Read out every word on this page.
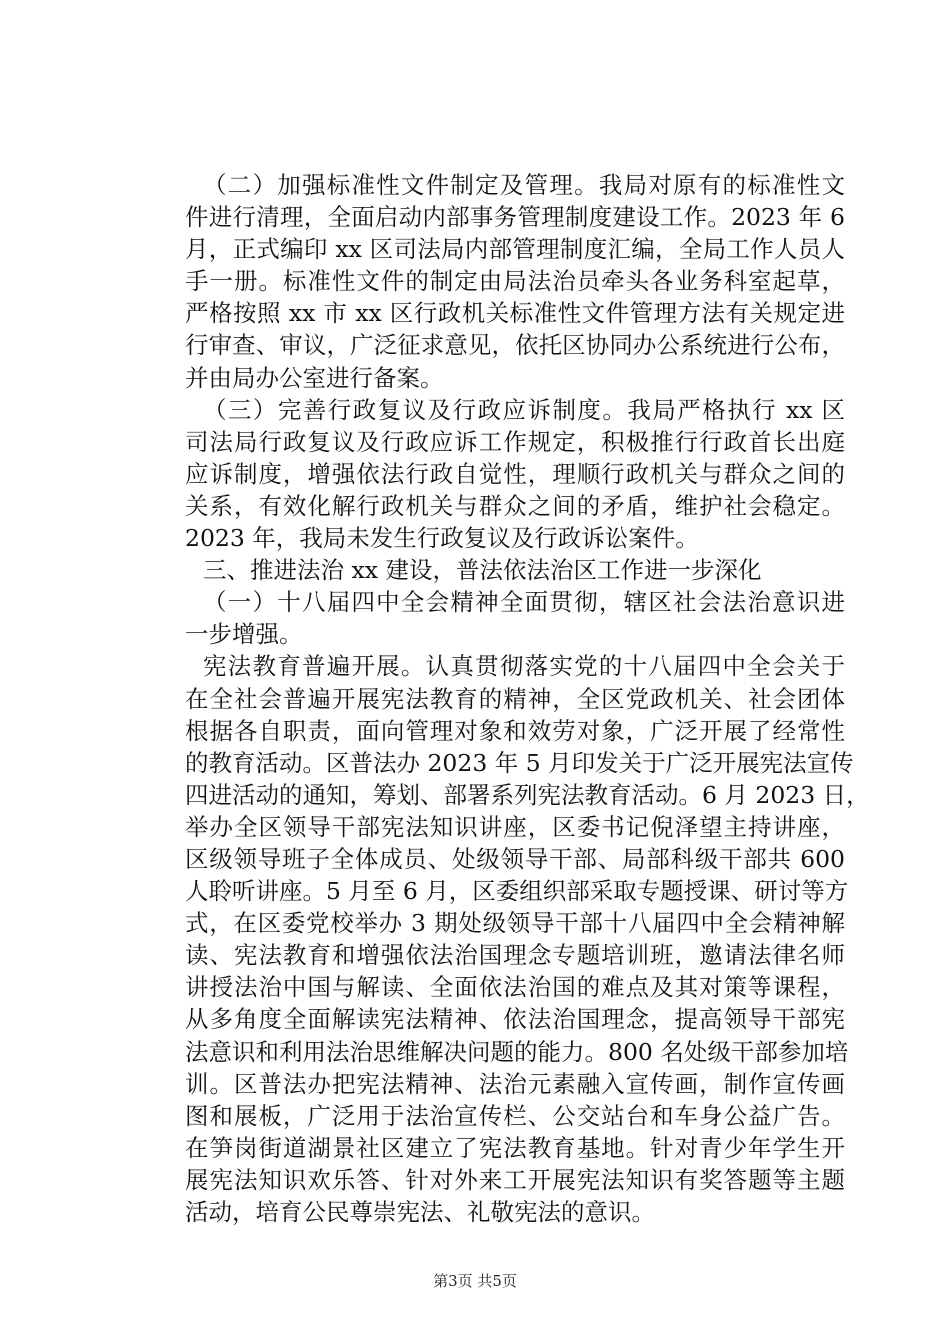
（二）加强标准性文件制定及管理。我局对原有的标准性文
件进行清理，全面启动内部事务管理制度建设工作。2023 年 6
月，正式编印 xx 区司法局内部管理制度汇编，全局工作人员人
手一册。标准性文件的制定由局法治员牵头各业务科室起草，
严格按照 xx 市 xx 区行政机关标准性文件管理方法有关规定进
行审查、审议，广泛征求意见，依托区协同办公系统进行公布，
并由局办公室进行备案。
（三）完善行政复议及行政应诉制度。我局严格执行 xx 区
司法局行政复议及行政应诉工作规定，积极推行行政首长出庭
应诉制度，增强依法行政自觉性，理顺行政机关与群众之间的
关系，有效化解行政机关与群众之间的矛盾，维护社会稳定。
2023 年，我局未发生行政复议及行政诉讼案件。
三、推进法治 xx 建设，普法依法治区工作进一步深化
（一）十八届四中全会精神全面贯彻，辖区社会法治意识进
一步增强。
宪法教育普遍开展。认真贯彻落实党的十八届四中全会关于
在全社会普遍开展宪法教育的精神，全区党政机关、社会团体
根据各自职责，面向管理对象和效劳对象，广泛开展了经常性
的教育活动。区普法办 2023 年 5 月印发关于广泛开展宪法宣传
四进活动的通知，筹划、部署系列宪法教育活动。6 月 2023 日，
举办全区领导干部宪法知识讲座，区委书记倪泽望主持讲座，
区级领导班子全体成员、处级领导干部、局部科级干部共 600
人聆听讲座。5 月至 6 月，区委组织部采取专题授课、研讨等方
式，在区委党校举办 3 期处级领导干部十八届四中全会精神解
读、宪法教育和增强依法治国理念专题培训班，邀请法律名师
讲授法治中国与解读、全面依法治国的难点及其对策等课程，
从多角度全面解读宪法精神、依法治国理念，提高领导干部宪
法意识和利用法治思维解决问题的能力。800 名处级干部参加培
训。区普法办把宪法精神、法治元素融入宣传画，制作宣传画
图和展板，广泛用于法治宣传栏、公交站台和车身公益广告。
在笋岗街道湖景社区建立了宪法教育基地。针对青少年学生开
展宪法知识欢乐答、针对外来工开展宪法知识有奖答题等主题
活动，培育公民尊崇宪法、礼敬宪法的意识。
第3页 共5页
